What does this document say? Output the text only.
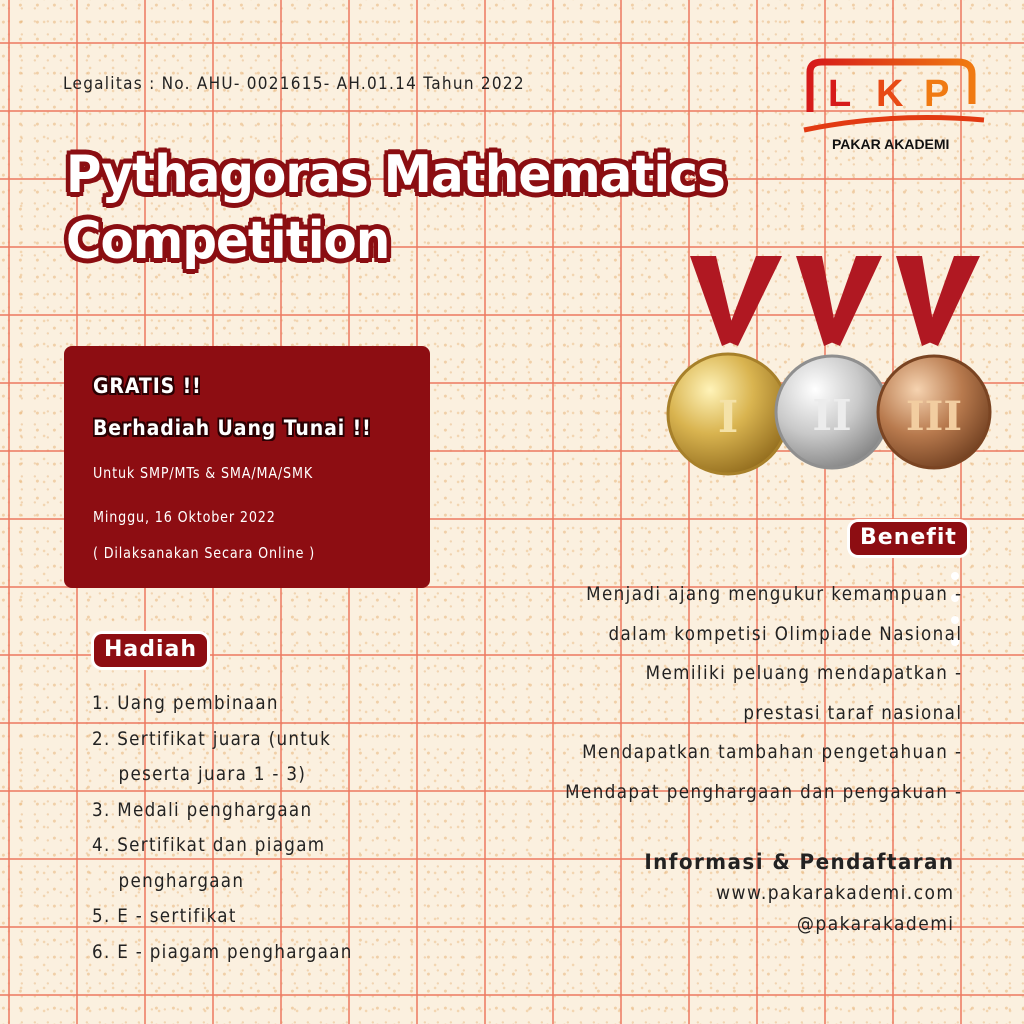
Legalitas : No. AHU- 0021615- AH.01.14 Tahun 2022	L K P
PAKAR AKADEMI
Pythagoras Mathematics
Competition
GRATIS !!
Berhadiah Uang Tunai !!
Untuk SMP/MTs & SMA/MA/SMK
Minggu, 16 Oktober 2022
( Dilaksanakan Secara Online )
I II III
Benefit
Menjadi ajang mengukur kemampuan -
dalam kompetisi Olimpiade Nasional
Memiliki peluang mendapatkan -
prestasi taraf nasional
Mendapatkan tambahan pengetahuan -
Mendapat penghargaan dan pengakuan -
Hadiah
1. Uang pembinaan
2. Sertifikat juara (untuk
peserta juara 1 - 3)
3. Medali penghargaan
4. Sertifikat dan piagam
penghargaan
5. E - sertifikat
6. E - piagam penghargaan
Informasi & Pendaftaran
www.pakarakademi.com
@pakarakademi
